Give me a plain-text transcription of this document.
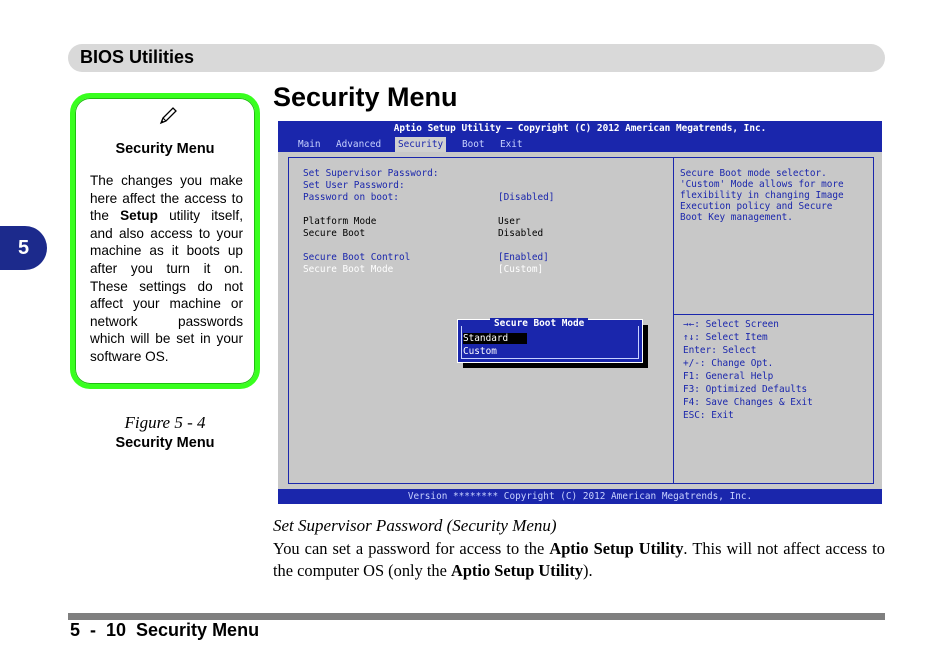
BIOS Utilities
5
Security Menu
The changes you make here affect the access to the Setup utility itself, and also access to your machine as it boots up after you turn it on. These settings do not affect your machine or network passwords which will be set in your software OS.
Figure 5 - 4
Security Menu
Security Menu
Aptio Setup Utility – Copyright (C) 2012 American Megatrends, Inc.
Main Advanced	Security	Boot Exit
Set Supervisor Password:
Set User Password:
Password on boot:	[Disabled]
Platform Mode	User
Secure Boot	Disabled
Secure Boot Control	[Enabled]
Secure Boot Mode	[Custom]
Secure Boot mode selector.
'Custom' Mode allows for more
flexibility in changing Image
Execution policy and Secure
Boot Key management.
→←: Select Screen
↑↓: Select Item
Enter: Select
+/-: Change Opt.
F1: General Help
F3: Optimized Defaults
F4: Save Changes & Exit
ESC: Exit
Secure Boot Mode
Standard
Custom
Version ******** Copyright (C) 2012 American Megatrends, Inc.
Set Supervisor Password (Security Menu)
You can set a password for access to the Aptio Setup Utility. This will not affect access to the computer OS (only the Aptio Setup Utility).
5  -  10  Security Menu
